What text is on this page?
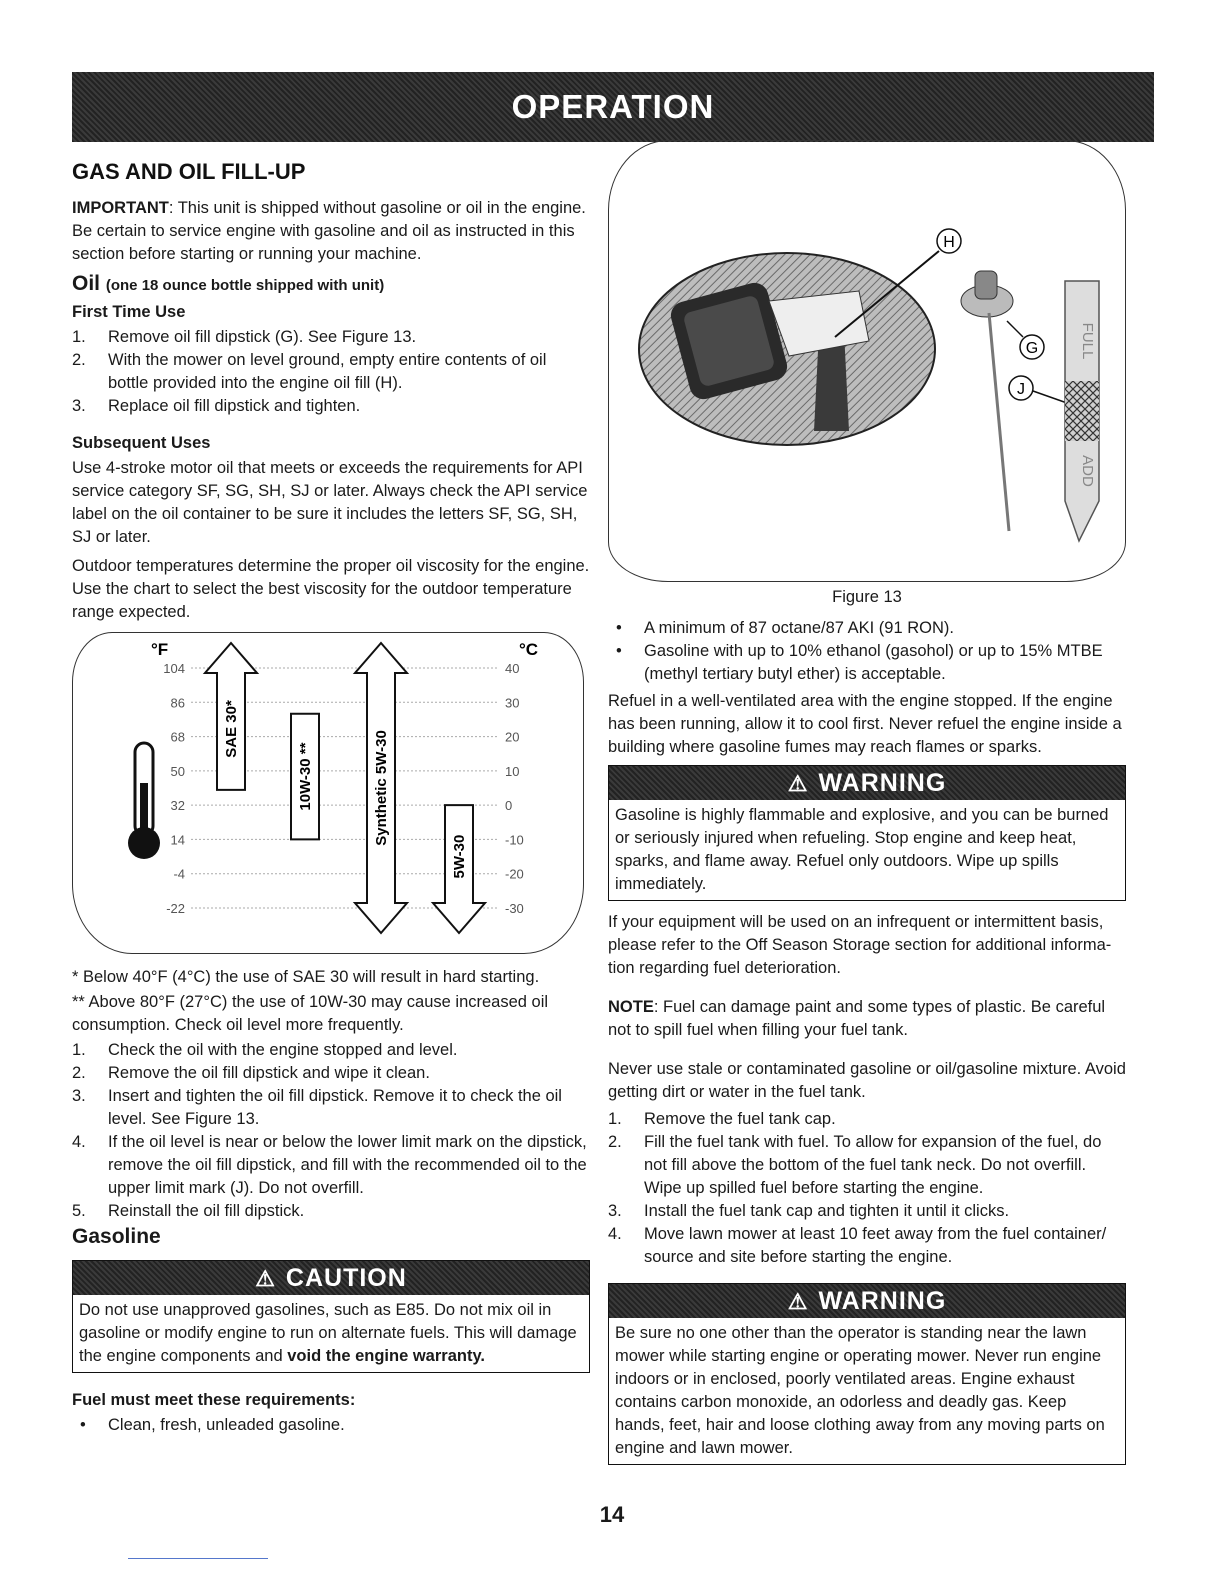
OPERATION
GAS AND OIL FILL-UP

IMPORTANT: This unit is shipped without gasoline or oil in the engine. Be certain to service engine with gasoline and oil as instructed in this section before starting or running your machine.

Oil (one 18 ounce bottle shipped with unit)
First Time Use
1. Remove oil fill dipstick (G). See Figure 13.
2. With the mower on level ground, empty entire contents of oil bottle provided into the engine oil fill (H).
3. Replace oil fill dipstick and tighten.
Subsequent Uses

Use 4-stroke motor oil that meets or exceeds the requirements for API service category SF, SG, SH, SJ or later. Always check the API service label on the oil container to be sure it includes the letters SF, SG, SH, SJ or later.

Outdoor temperatures determine the proper oil viscosity for the engine. Use the chart to select the best viscosity for the outdoor temperature range expected.

°F	°C
104	40
86	30
68	20
50	10
32	0
14	-10
-4	-20
-22	-30
SAE 30*
10W-30 **	Synthetic 5W-30
5W-30

* Below 40°F (4°C) the use of SAE 30 will result in hard starting.

** Above 80°F (27°C) the use of 10W-30 may cause increased oil consumption. Check oil level more frequently.

1. Check the oil with the engine stopped and level.
2. Remove the oil fill dipstick and wipe it clean.
3. Insert and tighten the oil fill dipstick. Remove it to check the oil level. See Figure 13.
4. If the oil level is near or below the lower limit mark on the dipstick, remove the oil fill dipstick, and fill with the recommended oil to the upper limit mark (J). Do not overfill.
5. Reinstall the oil fill dipstick.
Gasoline
⚠ CAUTION
Do not use unapproved gasolines, such as E85. Do not mix oil in gasoline or modify engine to run on alternate fuels. This will damage the engine components and void the engine warranty.
Fuel must meet these requirements:
• Clean, fresh, unleaded gasoline.
H
G
J
FULL
ADD
Figure 13
• A minimum of 87 octane/87 AKI (91 RON).
• Gasoline with up to 10% ethanol (gasohol) or up to 15% MTBE (methyl tertiary butyl ether) is acceptable.

Refuel in a well-ventilated area with the engine stopped. If the engine has been running, allow it to cool first. Never refuel the engine inside a building where gasoline fumes may reach flames or sparks.

⚠ WARNING
Gasoline is highly flammable and explosive, and you can be burned or seriously injured when refueling. Stop engine and keep heat, sparks, and flame away. Refuel only outdoors. Wipe up spills immediately.

If your equipment will be used on an infrequent or intermittent basis, please refer to the Off Season Storage section for additional informa-tion regarding fuel deterioration.

NOTE: Fuel can damage paint and some types of plastic. Be careful not to spill fuel when filling your fuel tank.

Never use stale or contaminated gasoline or oil/gasoline mixture. Avoid getting dirt or water in the fuel tank.

1. Remove the fuel tank cap.
2. Fill the fuel tank with fuel. To allow for expansion of the fuel, do not fill above the bottom of the fuel tank neck. Do not overfill. Wipe up spilled fuel before starting the engine.
3. Install the fuel tank cap and tighten it until it clicks.
4. Move lawn mower at least 10 feet away from the fuel container/ source and site before starting the engine.
⚠ WARNING
Be sure no one other than the operator is standing near the lawn mower while starting engine or operating mower. Never run engine indoors or in enclosed, poorly ventilated areas. Engine exhaust contains carbon monoxide, an odorless and deadly gas. Keep hands, feet, hair and loose clothing away from any moving parts on engine and lawn mower.
14
